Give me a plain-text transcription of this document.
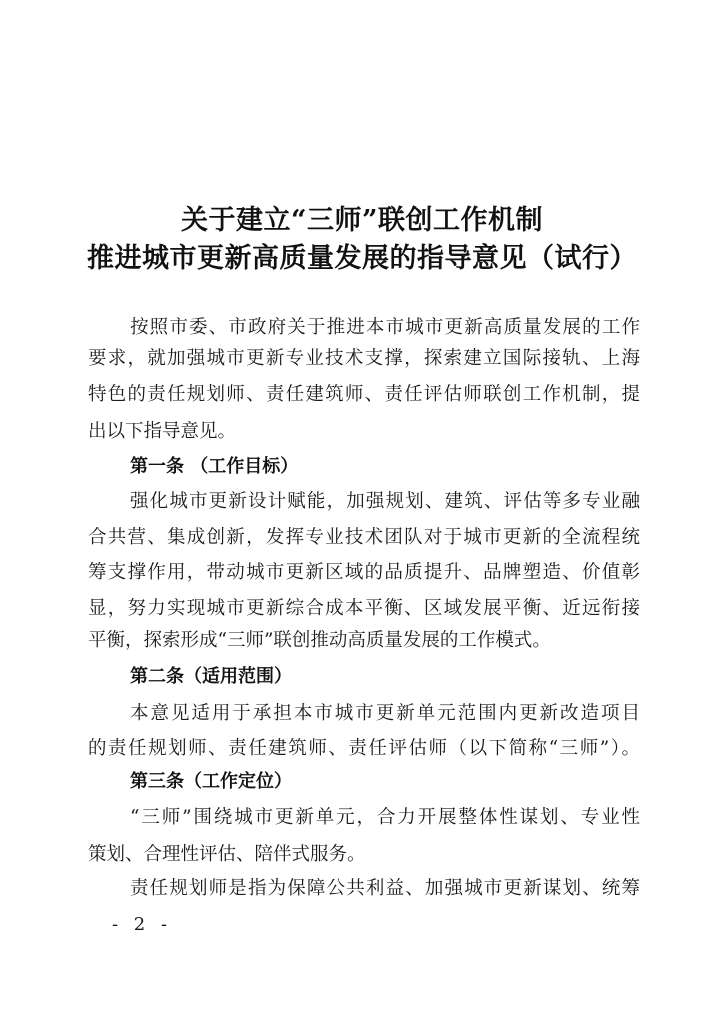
关于建立“三师”联创工作机制
推进城市更新高质量发展的指导意见（试行）
按照市委、市政府关于推进本市城市更新高质量发展的工作
要求，就加强城市更新专业技术支撑，探索建立国际接轨、上海
特色的责任规划师、责任建筑师、责任评估师联创工作机制，提
出以下指导意见。
第一条 （工作目标）
强化城市更新设计赋能，加强规划、建筑、评估等多专业融
合共营、集成创新，发挥专业技术团队对于城市更新的全流程统
筹支撑作用，带动城市更新区域的品质提升、品牌塑造、价值彰
显，努力实现城市更新综合成本平衡、区域发展平衡、近远衔接
平衡，探索形成“三师”联创推动高质量发展的工作模式。
第二条（适用范围）
本意见适用于承担本市城市更新单元范围内更新改造项目
的责任规划师、责任建筑师、责任评估师（以下简称“三师”）。
第三条（工作定位）
“三师”围绕城市更新单元，合力开展整体性谋划、专业性
策划、合理性评估、陪伴式服务。
责任规划师是指为保障公共利益、加强城市更新谋划、统筹
- 2 -
